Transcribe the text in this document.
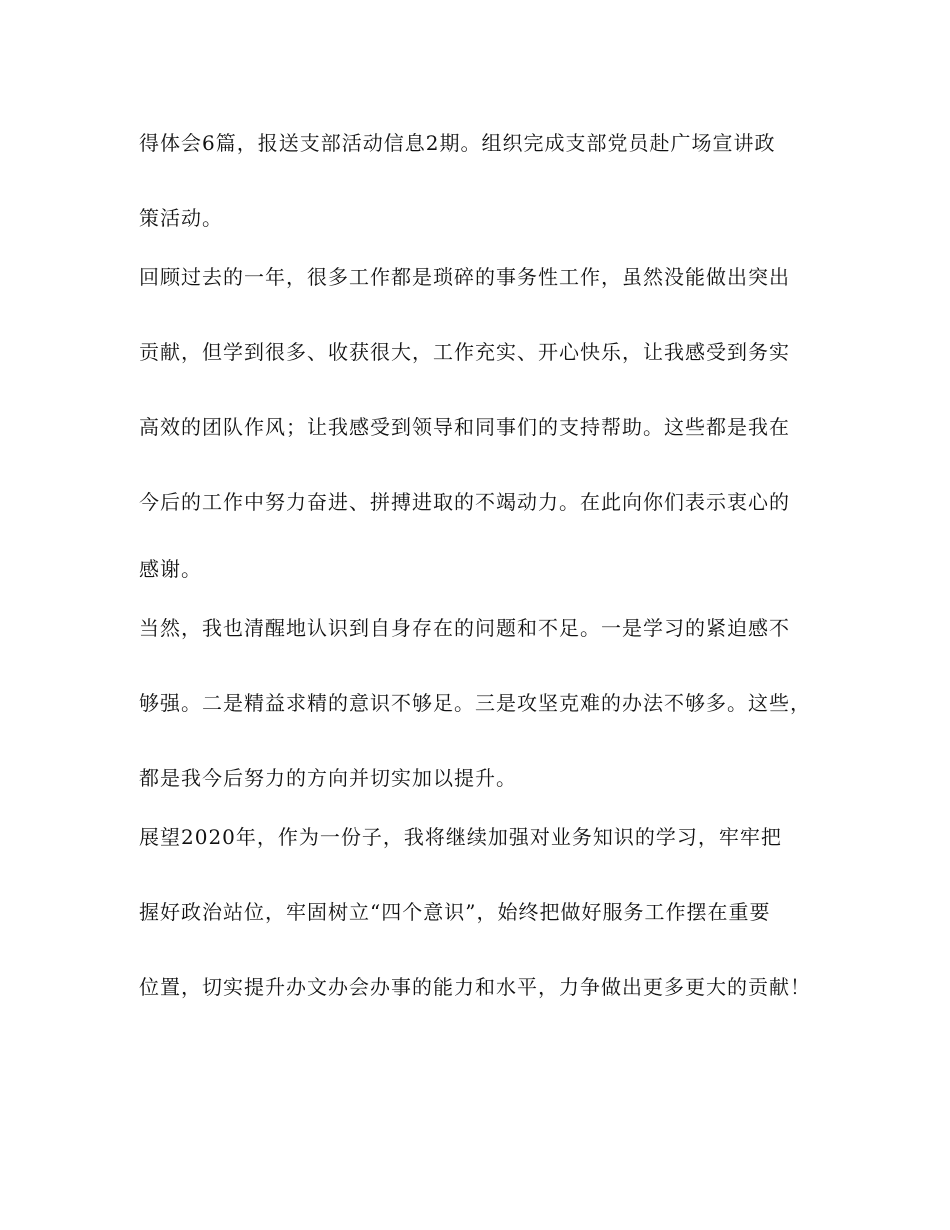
得体会6篇，报送支部活动信息2期。组织完成支部党员赴广场宣讲政
策活动。
回顾过去的一年，很多工作都是琐碎的事务性工作，虽然没能做出突出
贡献，但学到很多、收获很大，工作充实、开心快乐，让我感受到务实
高效的团队作风；让我感受到领导和同事们的支持帮助。这些都是我在
今后的工作中努力奋进、拼搏进取的不竭动力。在此向你们表示衷心的
感谢。
当然，我也清醒地认识到自身存在的问题和不足。一是学习的紧迫感不
够强。二是精益求精的意识不够足。三是攻坚克难的办法不够多。这些，
都是我今后努力的方向并切实加以提升。
展望2020年，作为一份子，我将继续加强对业务知识的学习，牢牢把
握好政治站位，牢固树立“四个意识”，始终把做好服务工作摆在重要
位置，切实提升办文办会办事的能力和水平，力争做出更多更大的贡献！
